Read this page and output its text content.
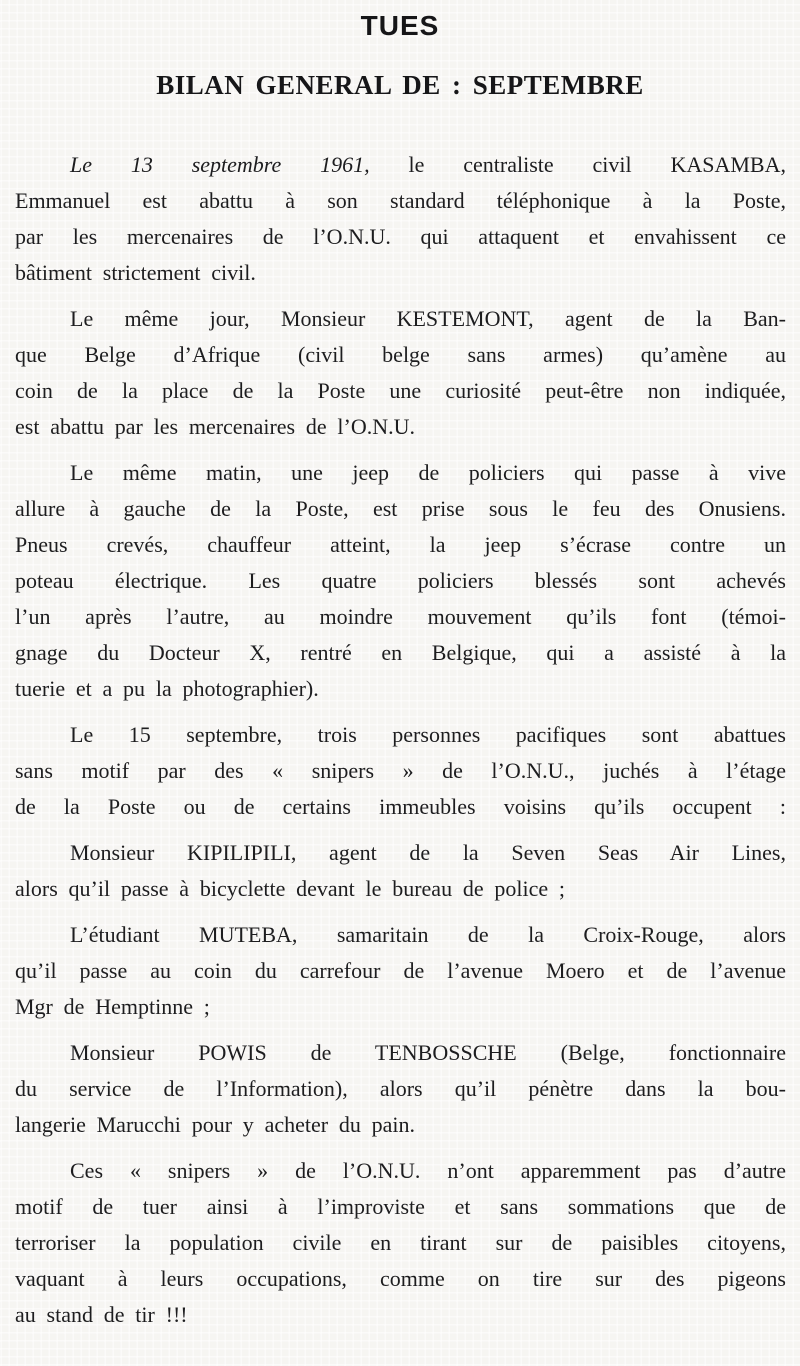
TUES
BILAN GENERAL DE : SEPTEMBRE
Le 13 septembre 1961, le centraliste civil KASAMBA,
Emmanuel est abattu à son standard téléphonique à la Poste,
par les mercenaires de l’O.N.U. qui attaquent et envahissent ce
bâtiment strictement civil.
Le même jour, Monsieur KESTEMONT, agent de la Ban-
que Belge d’Afrique (civil belge sans armes) qu’amène au
coin de la place de la Poste une curiosité peut-être non indiquée,
est abattu par les mercenaires de l’O.N.U.
Le même matin, une jeep de policiers qui passe à vive
allure à gauche de la Poste, est prise sous le feu des Onusiens.
Pneus crevés, chauffeur atteint, la jeep s’écrase contre un
poteau électrique. Les quatre policiers blessés sont achevés
l’un après l’autre, au moindre mouvement qu’ils font (témoi-
gnage du Docteur X, rentré en Belgique, qui a assisté à la
tuerie et a pu la photographier).
Le 15 septembre, trois personnes pacifiques sont abattues
sans motif par des « snipers » de l’O.N.U., juchés à l’étage
de la Poste ou de certains immeubles voisins qu’ils occupent :
Monsieur KIPILIPILI, agent de la Seven Seas Air Lines,
alors qu’il passe à bicyclette devant le bureau de police ;
L’étudiant MUTEBA, samaritain de la Croix-Rouge, alors
qu’il passe au coin du carrefour de l’avenue Moero et de l’avenue
Mgr de Hemptinne ;
Monsieur POWIS de TENBOSSCHE (Belge, fonctionnaire
du service de l’Information), alors qu’il pénètre dans la bou-
langerie Marucchi pour y acheter du pain.
Ces « snipers » de l’O.N.U. n’ont apparemment pas d’autre
motif de tuer ainsi à l’improviste et sans sommations que de
terroriser la population civile en tirant sur de paisibles citoyens,
vaquant à leurs occupations, comme on tire sur des pigeons
au stand de tir !!!
